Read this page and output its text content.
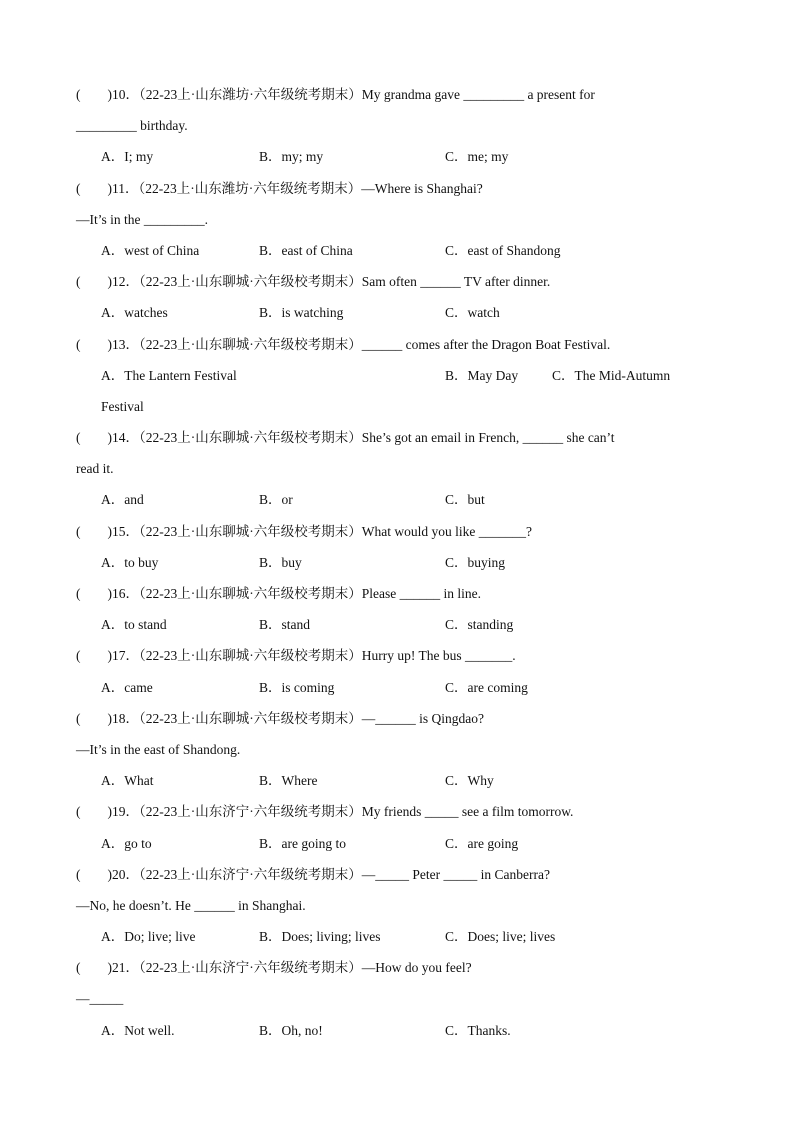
(　　)10．（22-23上·山东潍坊·六年级统考期末）My grandma gave _________ a present for
_________ birthday.
A．I; my	B．my; my	C．me; my
(　　)11．（22-23上·山东潍坊·六年级统考期末）—Where is Shanghai?
—It’s in the _________.
A．west of China	B．east of China	C．east of Shandong
(　　)12．（22-23上·山东聊城·六年级校考期末）Sam often ______ TV after dinner.
A．watches	B．is watching	C．watch
(　　)13．（22-23上·山东聊城·六年级校考期末）______ comes after the Dragon Boat Festival.
A．The Lantern Festival	B．May Day	C．The Mid-Autumn
Festival
(　　)14．（22-23上·山东聊城·六年级校考期末）She’s got an email in French, ______ she can’t
read it.
A．and	B．or	C．but
(　　)15．（22-23上·山东聊城·六年级校考期末）What would you like _______?
A．to buy	B．buy	C．buying
(　　)16．（22-23上·山东聊城·六年级校考期末）Please ______ in line.
A．to stand	B．stand	C．standing
(　　)17．（22-23上·山东聊城·六年级校考期末）Hurry up! The bus _______.
A．came	B．is coming	C．are coming
(　　)18．（22-23上·山东聊城·六年级校考期末）—______ is Qingdao?
—It’s in the east of Shandong.
A．What	B．Where	C．Why
(　　)19．（22-23上·山东济宁·六年级统考期末）My friends _____ see a film tomorrow.
A．go to	B．are going to	C．are going
(　　)20．（22-23上·山东济宁·六年级统考期末）—_____ Peter _____ in Canberra?
—No, he doesn’t. He ______ in Shanghai.
A．Do; live; live	B．Does; living; lives	C．Does; live; lives
(　　)21．（22-23上·山东济宁·六年级统考期末）—How do you feel?
—_____
A．Not well.	B．Oh, no!	C．Thanks.
